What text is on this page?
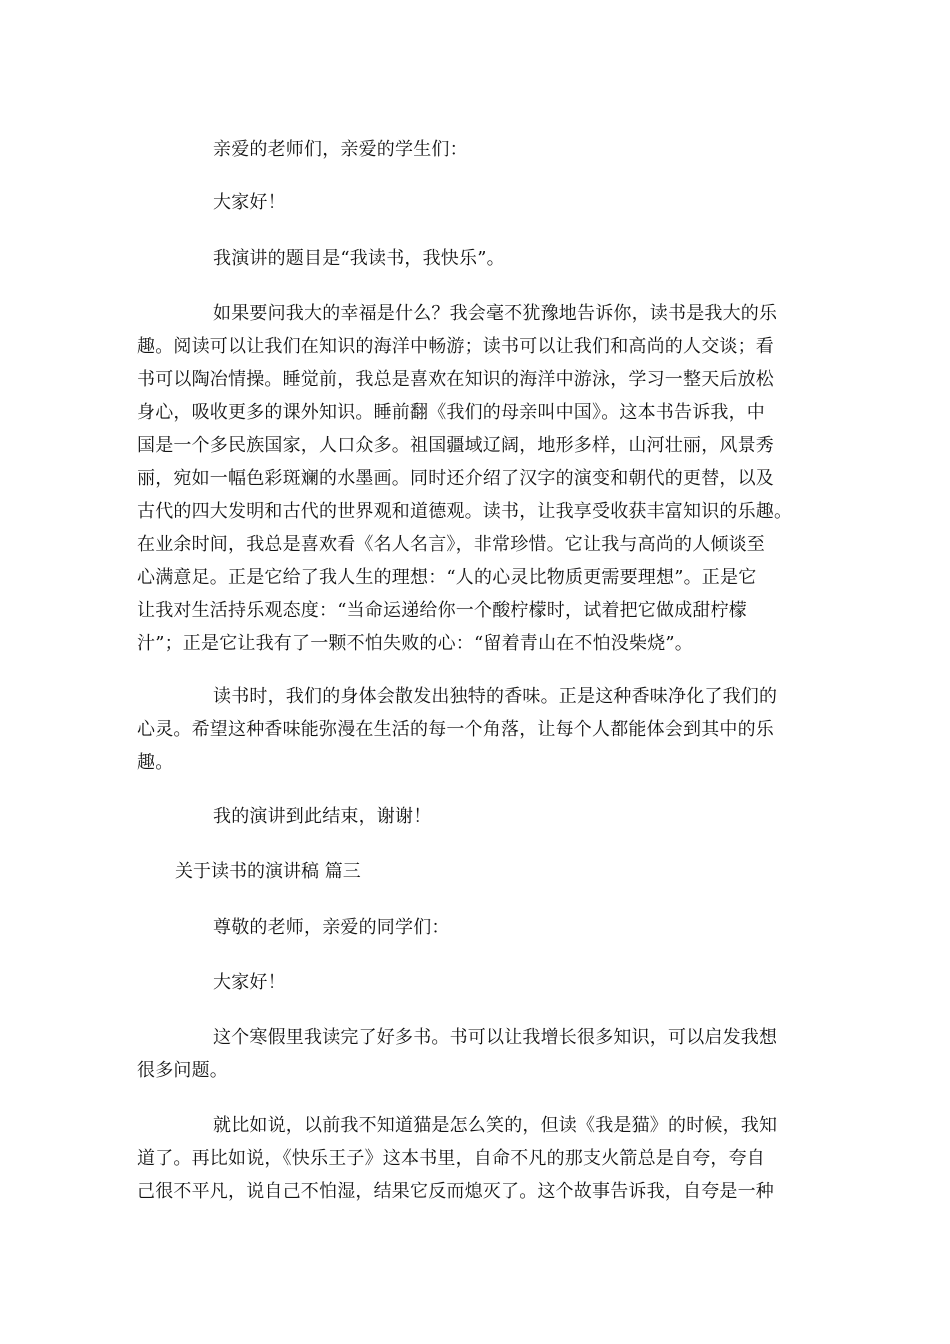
亲爱的老师们，亲爱的学生们：

大家好！

我演讲的题目是“我读书，我快乐”。

如果要问我大的幸福是什么？我会毫不犹豫地告诉你，读书是我大的乐
趣。阅读可以让我们在知识的海洋中畅游；读书可以让我们和高尚的人交谈；看
书可以陶冶情操。睡觉前，我总是喜欢在知识的海洋中游泳，学习一整天后放松
身心，吸收更多的课外知识。睡前翻《我们的母亲叫中国》。这本书告诉我，中
国是一个多民族国家，人口众多。祖国疆域辽阔，地形多样，山河壮丽，风景秀
丽，宛如一幅色彩斑斓的水墨画。同时还介绍了汉字的演变和朝代的更替，以及
古代的四大发明和古代的世界观和道德观。读书，让我享受收获丰富知识的乐趣。
在业余时间，我总是喜欢看《名人名言》，非常珍惜。它让我与高尚的人倾谈至
心满意足。正是它给了我人生的理想：“人的心灵比物质更需要理想”。正是它
让我对生活持乐观态度：“当命运递给你一个酸柠檬时，试着把它做成甜柠檬
汁”；正是它让我有了一颗不怕失败的心：“留着青山在不怕没柴烧”。

读书时，我们的身体会散发出独特的香味。正是这种香味净化了我们的
心灵。希望这种香味能弥漫在生活的每一个角落，让每个人都能体会到其中的乐
趣。

我的演讲到此结束，谢谢！

关于读书的演讲稿 篇三

尊敬的老师，亲爱的同学们：

大家好！

这个寒假里我读完了好多书。书可以让我增长很多知识，可以启发我想
很多问题。

就比如说，以前我不知道猫是怎么笑的，但读《我是猫》的时候，我知
道了。再比如说，《快乐王子》这本书里，自命不凡的那支火箭总是自夸，夸自
己很不平凡，说自己不怕湿，结果它反而熄灭了。这个故事告诉我，自夸是一种
